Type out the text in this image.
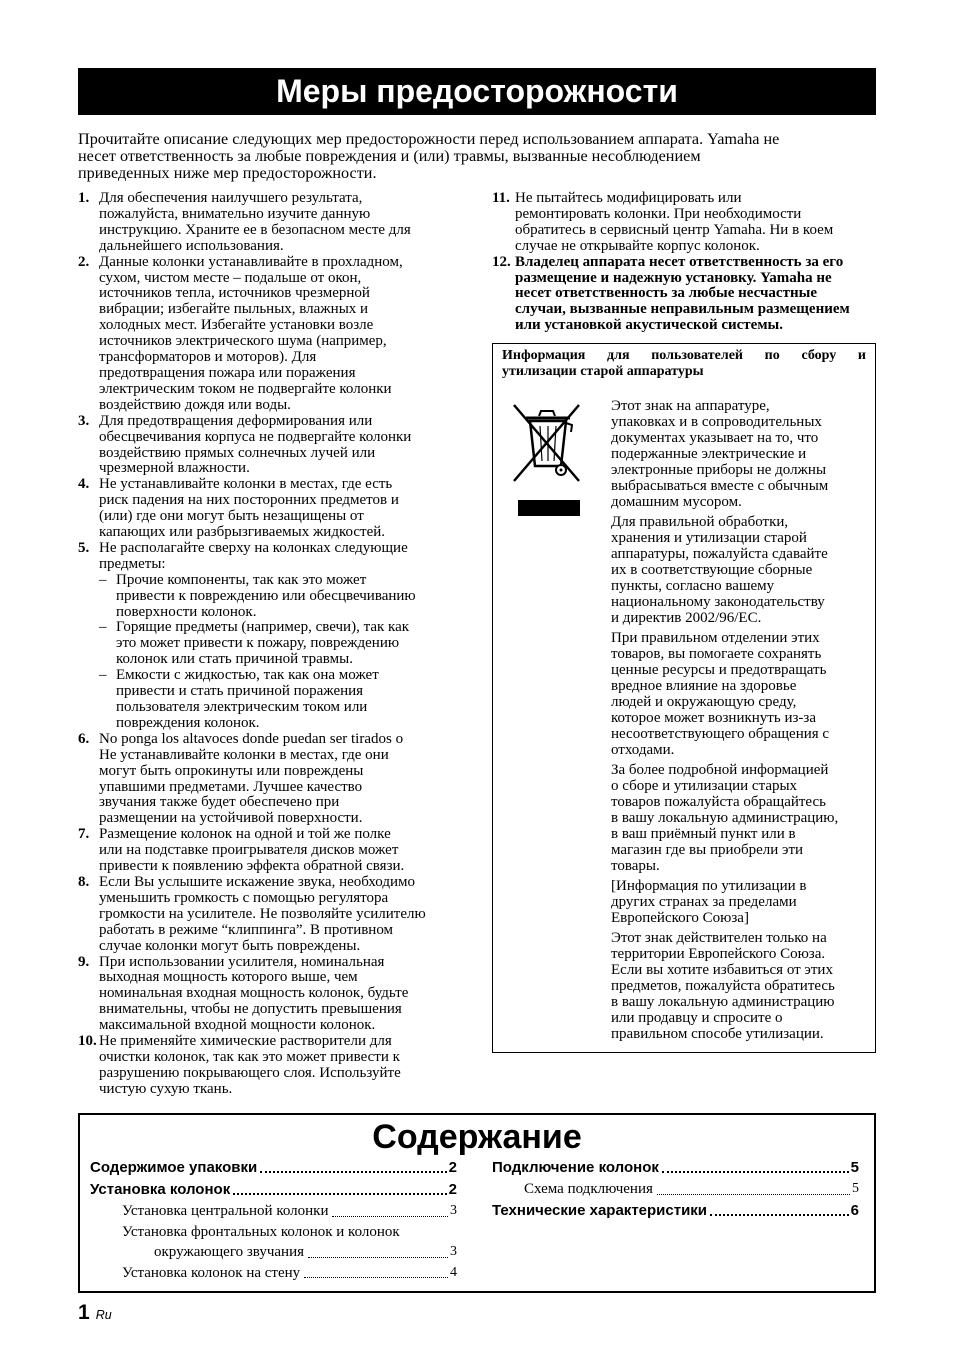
Меры предосторожности
Прочитайте описание следующих мер предосторожности перед использованием аппарата. Yamaha не
несет ответственность за любые повреждения и (или) травмы, вызванные несоблюдением
приведенных ниже мер предосторожности.
1. Для обеспечения наилучшего результата,
пожалуйста, внимательно изучите данную
инструкцию. Храните ее в безопасном месте для
дальнейшего использования.
2. Данные колонки устанавливайте в прохладном,
сухом, чистом месте – подальше от окон,
источников тепла, источников чрезмерной
вибрации; избегайте пыльных, влажных и
холодных мест. Избегайте установки возле
источников электрического шума (например,
трансформаторов и моторов). Для
предотвращения пожара или поражения
электрическим током не подвергайте колонки
воздействию дождя или воды.
3. Для предотвращения деформирования или
обесцвечивания корпуса не подвергайте колонки
воздействию прямых солнечных лучей или
чрезмерной влажности.
4. Не устанавливайте колонки в местах, где есть
риск падения на них посторонних предметов и
(или) где они могут быть незащищены от
капающих или разбрызгиваемых жидкостей.
5. Не располагайте сверху на колонках следующие
предметы:
– Прочие компоненты, так как это может
привести к повреждению или обесцвечиванию
поверхности колонок.
– Горящие предметы (например, свечи), так как
это может привести к пожару, повреждению
колонок или стать причиной травмы.
– Емкости с жидкостью, так как она может
привести и стать причиной поражения
пользователя электрическим током или
повреждения колонок.
6. No ponga los altavoces donde puedan ser tirados o
Не устанавливайте колонки в местах, где они
могут быть опрокинуты или повреждены
упавшими предметами. Лучшее качество
звучания также будет обеспечено при
размещении на устойчивой поверхности.
7. Размещение колонок на одной и той же полке
или на подставке проигрывателя дисков может
привести к появлению эффекта обратной связи.
8. Если Вы услышите искажение звука, необходимо
уменьшить громкость с помощью регулятора
громкости на усилителе. Не позволяйте усилителю
работать в режиме “клиппинга”. В противном
случае колонки могут быть повреждены.
9. При использовании усилителя, номинальная
выходная мощность которого выше, чем
номинальная входная мощность колонок, будьте
внимательны, чтобы не допустить превышения
максимальной входной мощности колонок.
10. Не применяйте химические растворители для
очистки колонок, так как это может привести к
разрушению покрывающего слоя. Используйте
чистую сухую ткань.
11. Не пытайтесь модифицировать или
ремонтировать колонки. При необходимости
обратитесь в сервисный центр Yamaha. Ни в коем
случае не открывайте корпус колонок.
12. Владелец аппарата несет ответственность за его
размещение и надежную установку. Yamaha не
несет ответственность за любые несчастные
случаи, вызванные неправильным размещением
или установкой акустической системы.
Информация для пользователей по сбору и
утилизации старой аппаратуры
Этот знак на аппаратуре,
упаковках и в сопроводительных
документах указывает на то, что
подержанные электрические и
электронные приборы не должны
выбрасываться вместе с обычным
домашним мусором.
Для правильной обработки,
хранения и утилизации старой
аппаратуры, пожалуйста сдавайте
их в соответствующие сборные
пункты, согласно вашему
национальному законодательству
и директив 2002/96/EC.
При правильном отделении этих
товаров, вы помогаете сохранять
ценные ресурсы и предотвращать
вредное влияние на здоровье
людей и окружающую среду,
которое может возникнуть из-за
несоответствующего обращения с
отходами.
За более подробной информацией
о сборе и утилизации старых
товаров пожалуйста обращайтесь
в вашу локальную администрацию,
в ваш приёмный пункт или в
магазин где вы приобрели эти
товары.
[Информация по утилизации в
других странах за пределами
Европейского Союза]
Этот знак действителен только на
территории Европейского Союза.
Если вы хотите избавиться от этих
предметов, пожалуйста обратитесь
в вашу локальную администрацию
или продавцу и спросите о
правильном способе утилизации.
Содержание
Содержимое упаковки	2
Установка колонок	2
Установка центральной колонки	3
Установка фронтальных колонок и колонок
окружающего звучания	3
Установка колонок на стену	4
Подключение колонок	5
Схема подключения	5
Технические характеристики	6
1 Ru
